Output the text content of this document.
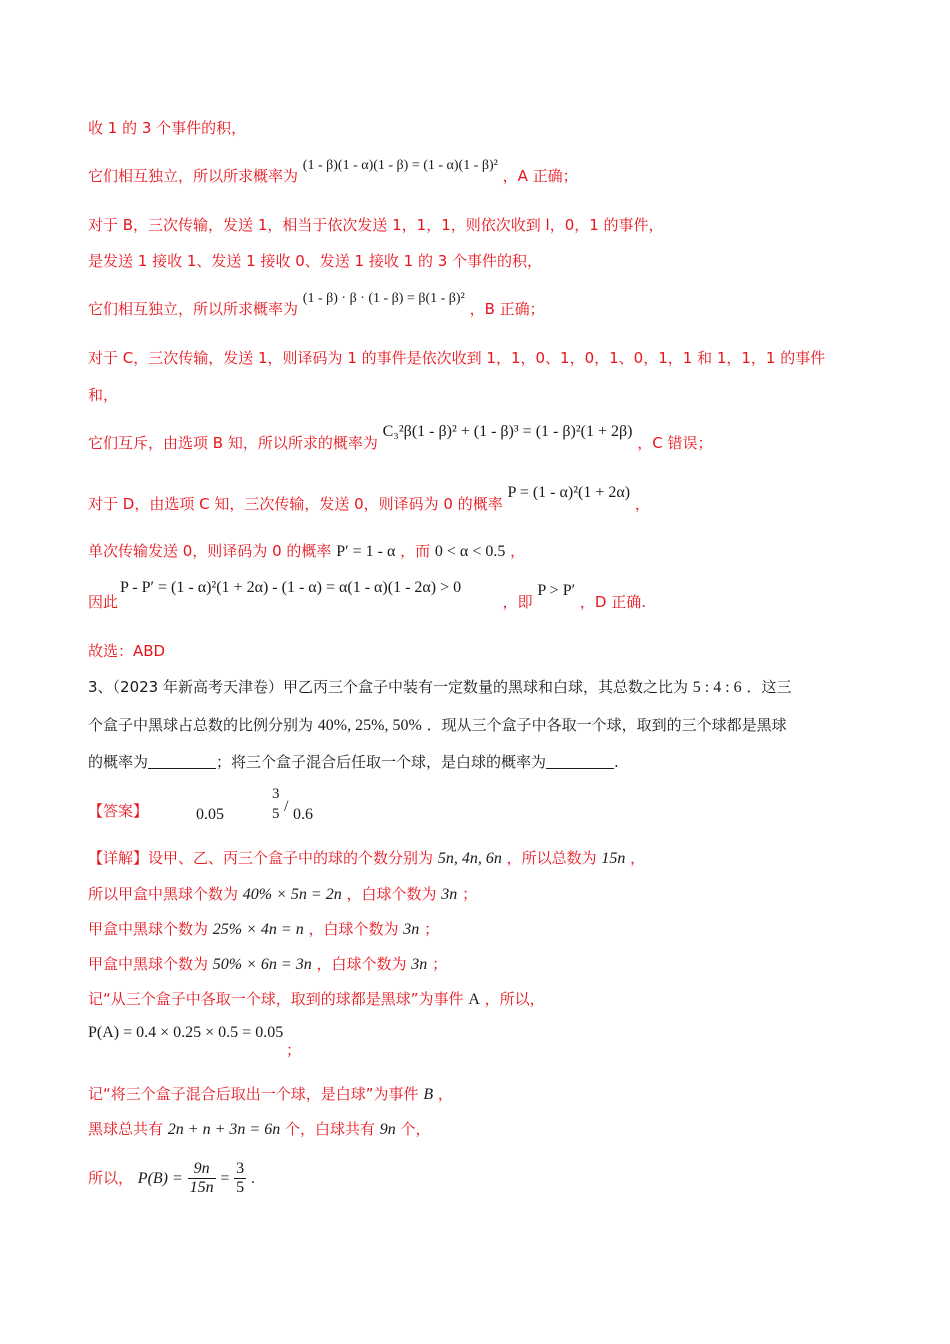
收 1 的 3 个事件的积，
它们相互独立，所以所求概率为 (1 - β)(1 - α)(1 - β) = (1 - α)(1 - β)² ，A 正确；
对于 B，三次传输，发送 1，相当于依次发送 1，1，1，则依次收到 l，0，1 的事件，
是发送 1 接收 1、发送 1 接收 0、发送 1 接收 1 的 3 个事件的积，
它们相互独立，所以所求概率为 (1 - β) · β · (1 - β) = β(1 - β)² ，B 正确；
对于 C，三次传输，发送 1，则译码为 1 的事件是依次收到 1，1，0、1，0，1、0，1，1 和 1，1，1 的事件
和，
它们互斥，由选项 B 知，所以所求的概率为 C₃²β(1 - β)² + (1 - β)³ = (1 - β)²(1 + 2β) ，C 错误；
对于 D，由选项 C 知，三次传输，发送 0，则译码为 0 的概率 P = (1 - α)²(1 + 2α) ，
单次传输发送 0，则译码为 0 的概率 P′ = 1 - α ，而 0 < α < 0.5 ，
P - P′ = (1 - α)²(1 + 2α) - (1 - α) = α(1 - α)(1 - 2α) > 0
因此	，即 P > P′ ，D 正确.
故选：ABD
3、（2023 年新高考天津卷）甲乙丙三个盒子中装有一定数量的黑球和白球，其总数之比为 5 : 4 : 6 ．这三
个盒子中黑球占总数的比例分别为 40%, 25%, 50% ．现从三个盒子中各取一个球，取到的三个球都是黑球
的概率为	；将三个盒子混合后任取一个球，是白球的概率为	.
【答案】	0.05
3
5 / 0.6
【详解】设甲、乙、丙三个盒子中的球的个数分别为 5n, 4n, 6n ，所以总数为 15n ，
所以甲盒中黑球个数为 40% × 5n = 2n ，白球个数为 3n ；
甲盒中黑球个数为 25% × 4n = n ，白球个数为 3n ；
甲盒中黑球个数为 50% × 6n = 3n ，白球个数为 3n ；
记“从三个盒子中各取一个球，取到的球都是黑球”为事件 A ，所以，
P(A) = 0.4 × 0.25 × 0.5 = 0.05
；
记“将三个盒子混合后取出一个球，是白球”为事件 B ，
黑球总共有 2n + n + 3n = 6n 个，白球共有 9n 个，
所以， $P(B) = \frac{9n}{15n} = \frac{3}{5}$ .
